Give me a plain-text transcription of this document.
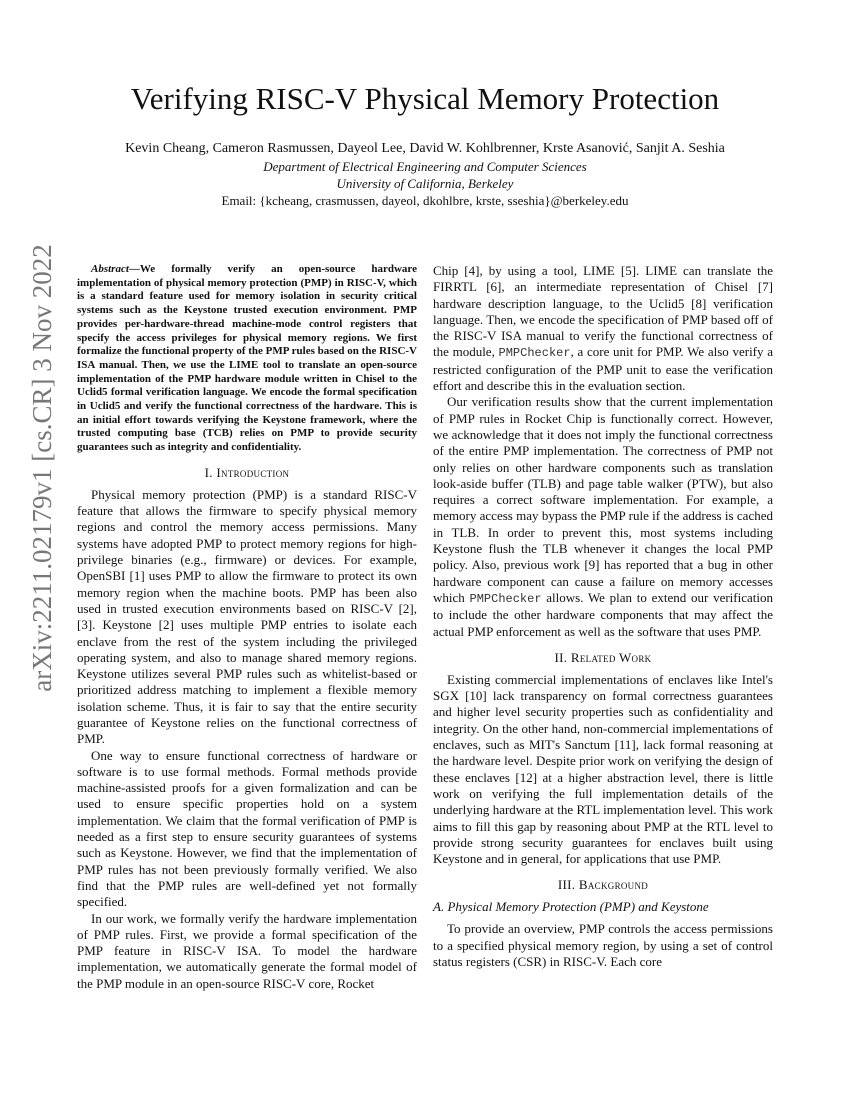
Verifying RISC-V Physical Memory Protection
Kevin Cheang, Cameron Rasmussen, Dayeol Lee, David W. Kohlbrenner, Krste Asanović, Sanjit A. Seshia
Department of Electrical Engineering and Computer Sciences
University of California, Berkeley
Email: {kcheang, crasmussen, dayeol, dkohlbre, krste, sseshia}@berkeley.edu
arXiv:2211.02179v1 [cs.CR] 3 Nov 2022	Abstract—We formally verify an open-source hardware implementation of physical memory protection (PMP) in RISC-V, which is a standard feature used for memory isolation in security critical systems such as the Keystone trusted execution environment. PMP provides per-hardware-thread machine-mode control registers that specify the access privileges for physical memory regions. We first formalize the functional property of the PMP rules based on the RISC-V ISA manual. Then, we use the LIME tool to translate an open-source implementation of the PMP hardware module written in Chisel to the Uclid5 formal verification language. We encode the formal specification in Uclid5 and verify the functional correctness of the hardware. This is an initial effort towards verifying the Keystone framework, where the trusted computing base (TCB) relies on PMP to provide security guarantees such as integrity and confidentiality.

I. Introduction

Physical memory protection (PMP) is a standard RISC-V feature that allows the firmware to specify physical memory regions and control the memory access permissions. Many systems have adopted PMP to protect memory regions for high-privilege binaries (e.g., firmware) or devices. For example, OpenSBI [1] uses PMP to allow the firmware to protect its own memory region when the machine boots. PMP has been also used in trusted execution environments based on RISC-V [2], [3]. Keystone [2] uses multiple PMP entries to isolate each enclave from the rest of the system including the privileged operating system, and also to manage shared memory regions. Keystone utilizes several PMP rules such as whitelist-based or prioritized address matching to implement a flexible memory isolation scheme. Thus, it is fair to say that the entire security guarantee of Keystone relies on the functional correctness of PMP.

One way to ensure functional correctness of hardware or software is to use formal methods. Formal methods provide machine-assisted proofs for a given formalization and can be used to ensure specific properties hold on a system implementation. We claim that the formal verification of PMP is needed as a first step to ensure security guarantees of systems such as Keystone. However, we find that the implementation of PMP rules has not been previously formally verified. We also find that the PMP rules are well-defined yet not formally specified.

In our work, we formally verify the hardware implementation of PMP rules. First, we provide a formal specification of the PMP feature in RISC-V ISA. To model the hardware implementation, we automatically generate the formal model of the PMP module in an open-source RISC-V core, Rocket

Chip [4], by using a tool, LIME [5]. LIME can translate the FIRRTL [6], an intermediate representation of Chisel [7] hardware description language, to the Uclid5 [8] verification language. Then, we encode the specification of PMP based off of the RISC-V ISA manual to verify the functional correctness of the module, PMPChecker, a core unit for PMP. We also verify a restricted configuration of the PMP unit to ease the verification effort and describe this in the evaluation section.

Our verification results show that the current implementation of PMP rules in Rocket Chip is functionally correct. However, we acknowledge that it does not imply the functional correctness of the entire PMP implementation. The correctness of PMP not only relies on other hardware components such as translation look-aside buffer (TLB) and page table walker (PTW), but also requires a correct software implementation. For example, a memory access may bypass the PMP rule if the address is cached in TLB. In order to prevent this, most systems including Keystone flush the TLB whenever it changes the local PMP policy. Also, previous work [9] has reported that a bug in other hardware component can cause a failure on memory accesses which PMPChecker allows. We plan to extend our verification to include the other hardware components that may affect the actual PMP enforcement as well as the software that uses PMP.

II. Related Work

Existing commercial implementations of enclaves like Intel's SGX [10] lack transparency on formal correctness guarantees and higher level security properties such as confidentiality and integrity. On the other hand, non-commercial implementations of enclaves, such as MIT's Sanctum [11], lack formal reasoning at the hardware level. Despite prior work on verifying the design of these enclaves [12] at a higher abstraction level, there is little work on verifying the full implementation details of the underlying hardware at the RTL implementation level. This work aims to fill this gap by reasoning about PMP at the RTL level to provide strong security guarantees for enclaves built using Keystone and in general, for applications that use PMP.

III. Background
A. Physical Memory Protection (PMP) and Keystone

To provide an overview, PMP controls the access permissions to a specified physical memory region, by using a set of control status registers (CSR) in RISC-V. Each core
